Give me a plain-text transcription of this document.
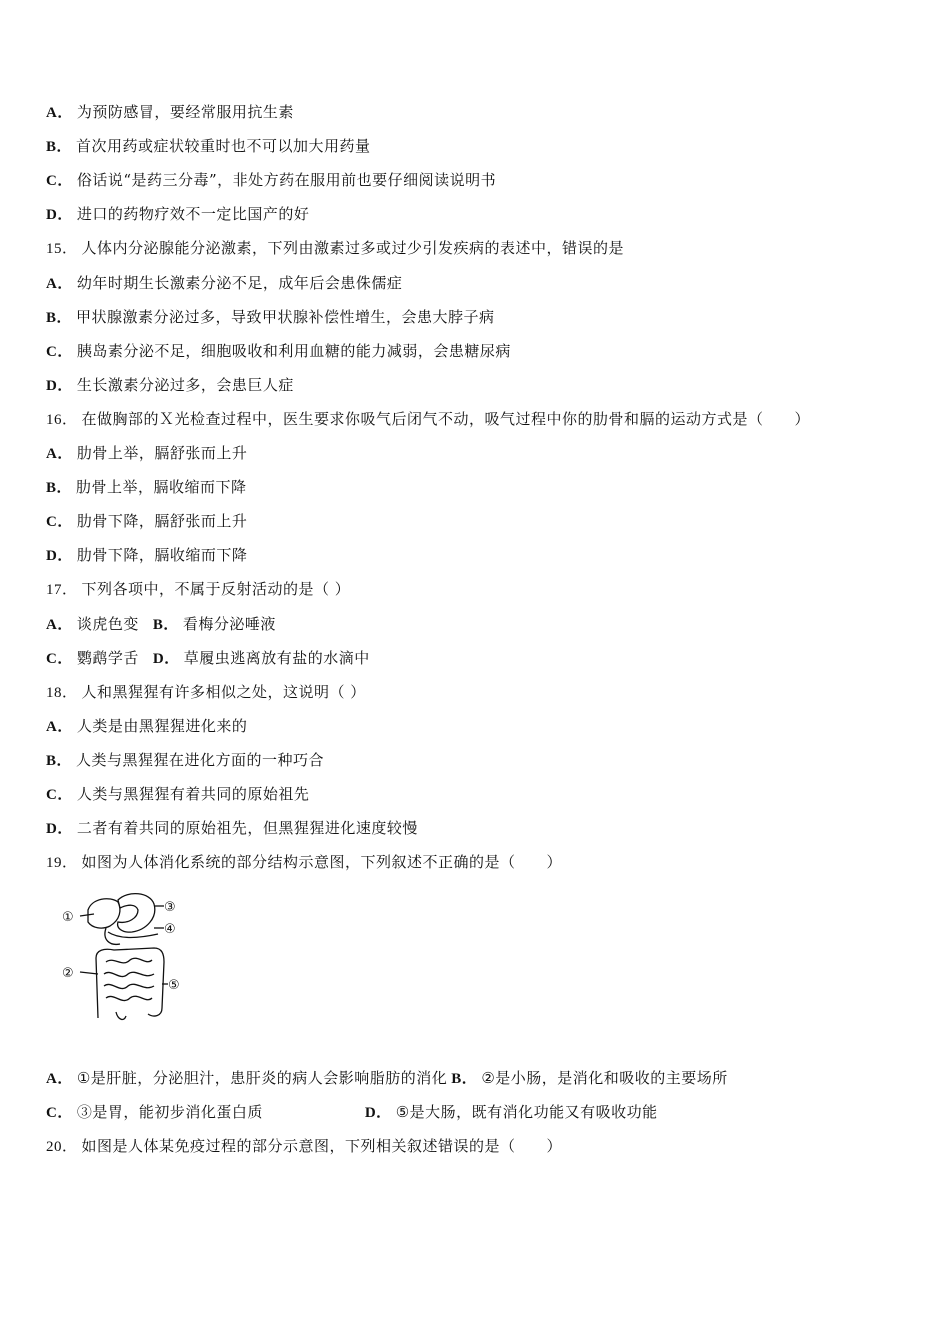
A． 为预防感冒，要经常服用抗生素
B． 首次用药或症状较重时也不可以加大用药量
C． 俗话说“是药三分毒”，非处方药在服用前也要仔细阅读说明书
D． 进口的药物疗效不一定比国产的好
15． 人体内分泌腺能分泌激素，下列由激素过多或过少引发疾病的表述中，错误的是
A． 幼年时期生长激素分泌不足，成年后会患侏儒症
B． 甲状腺激素分泌过多，导致甲状腺补偿性增生，会患大脖子病
C． 胰岛素分泌不足，细胞吸收和利用血糖的能力减弱，会患糖尿病
D． 生长激素分泌过多，会患巨人症
16． 在做胸部的Ｘ光检查过程中，医生要求你吸气后闭气不动，吸气过程中你的肋骨和膈的运动方式是（　　）
A． 肋骨上举，膈舒张而上升
B． 肋骨上举，膈收缩而下降
C． 肋骨下降，膈舒张而上升
D． 肋骨下降，膈收缩而下降
17． 下列各项中，不属于反射活动的是（ ）
A． 谈虎色变 B． 看梅分泌唾液
C． 鹦鹉学舌 D． 草履虫逃离放有盐的水滴中
18． 人和黑猩猩有许多相似之处，这说明（ ）
A． 人类是由黑猩猩进化来的
B． 人类与黑猩猩在进化方面的一种巧合
C． 人类与黑猩猩有着共同的原始祖先
D． 二者有着共同的原始祖先，但黑猩猩进化速度较慢
19． 如图为人体消化系统的部分结构示意图，下列叙述不正确的是（　　）
①
②
③
④
⑤
A． ①是肝脏，分泌胆汁，患肝炎的病人会影响脂肪的消化 B． ②是小肠，是消化和吸收的主要场所
C． ③是胃，能初步消化蛋白质	D． ⑤是大肠，既有消化功能又有吸收功能
20． 如图是人体某免疫过程的部分示意图，下列相关叙述错误的是（　　）
